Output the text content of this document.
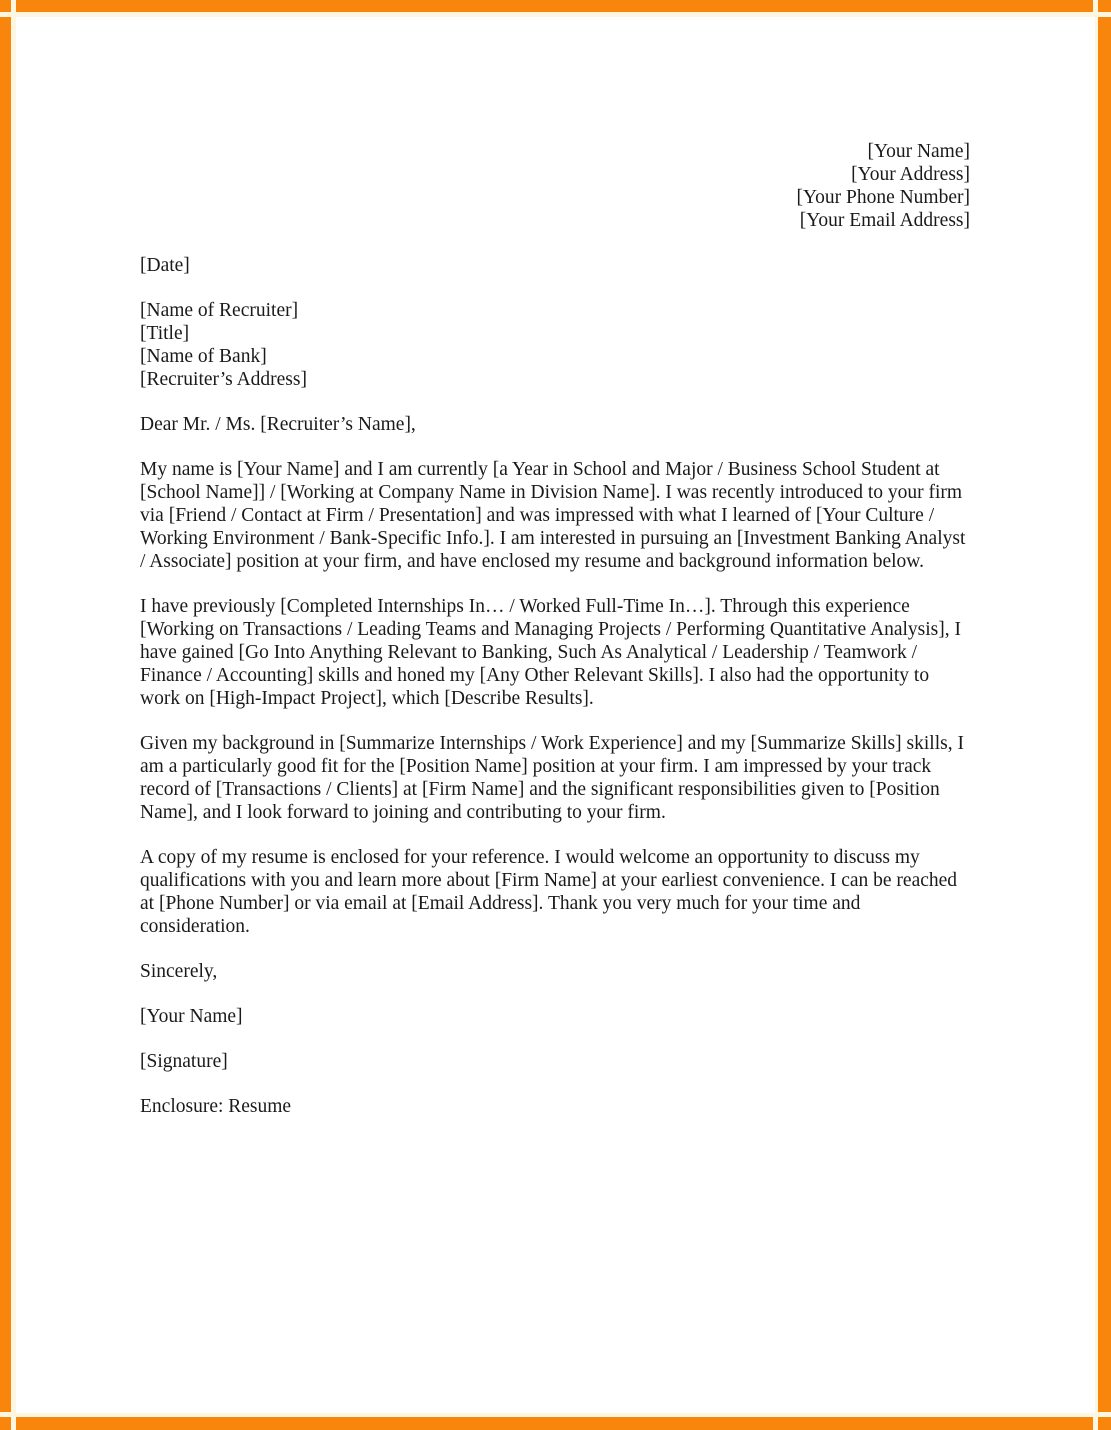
[Your Name]
[Your Address]
[Your Phone Number]
[Your Email Address]
[Date]
[Name of Recruiter]
[Title]
[Name of Bank]
[Recruiter’s Address]
Dear Mr. / Ms. [Recruiter’s Name],

My name is [Your Name] and I am currently [a Year in School and Major / Business School Student at [School Name]] / [Working at Company Name in Division Name]. I was recently introduced to your firm via [Friend / Contact at Firm / Presentation] and was impressed with what I learned of [Your Culture / Working Environment / Bank-Specific Info.]. I am interested in pursuing an [Investment Banking Analyst / Associate] position at your firm, and have enclosed my resume and background information below.

I have previously [Completed Internships In… / Worked Full-Time In…]. Through this experience [Working on Transactions / Leading Teams and Managing Projects / Performing Quantitative Analysis], I have gained [Go Into Anything Relevant to Banking, Such As Analytical / Leadership / Teamwork / Finance / Accounting] skills and honed my [Any Other Relevant Skills]. I also had the opportunity to work on [High-Impact Project], which [Describe Results].

Given my background in [Summarize Internships / Work Experience] and my [Summarize Skills] skills, I am a particularly good fit for the [Position Name] position at your firm. I am impressed by your track record of [Transactions / Clients] at [Firm Name] and the significant responsibilities given to [Position Name], and I look forward to joining and contributing to your firm.

A copy of my resume is enclosed for your reference. I would welcome an opportunity to discuss my qualifications with you and learn more about [Firm Name] at your earliest convenience. I can be reached at [Phone Number] or via email at [Email Address]. Thank you very much for your time and consideration.

Sincerely,
[Your Name]
[Signature]
Enclosure: Resume
